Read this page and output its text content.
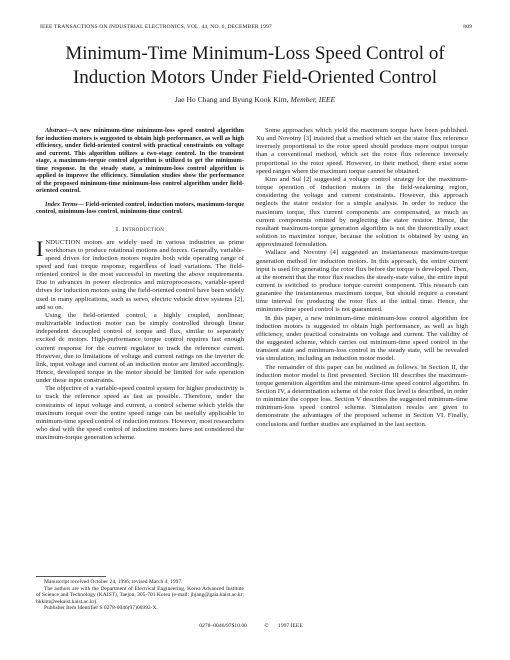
IEEE TRANSACTIONS ON INDUSTRIAL ELECTRONICS, VOL. 44, NO. 6, DECEMBER 1997	809
Minimum-Time Minimum-Loss Speed Control of Induction Motors Under Field-Oriented Control
Jae Ho Chang and Byung Kook Kim, Member, IEEE

Abstract—A new minimum-time minimum-loss speed control algorithm for induction motors is suggested to obtain high performance, as well as high efficiency, under field-oriented control with practical constraints on voltage and current. This algorithm utilizes a two-stage control. In the transient stage, a maximum-torque control algorithm is utilized to get the minimum-time response. In the steady state, a minimum-loss control algorithm is applied to improve the efficiency. Simulation studies show the performance of the proposed minimum-time minimum-loss control algorithm under field-oriented control.

Index Terms— Field-oriented control, induction motors, maximum-torque control, minimum-loss control, minimum-time control.

I. Introduction

INDUCTION motors are widely used in various industries as prime workhorses to produce rotational motions and forces. Generally, variable-speed drives for induction motors require both wide operating range of speed and fast torque response, regardless of load variations. The field-oriented control is the most successful in meeting the above requirements. Due to advances in power electronics and microprocessors, variable-speed drives for induction motors using the field-oriented control have been widely used in many applications, such as servo, electric vehicle drive systems [2], and so on.

Using the field-oriented control, a highly coupled, nonlinear, multivariable induction motor can be simply controlled through linear independent decoupled control of torque and flux, similar to separately excited dc motors. High-performance torque control requires fast enough current response for the current regulator to track the reference current. However, due to limitations of voltage and current ratings on the inverter dc link, input voltage and current of an induction motor are limited accordingly. Hence, developed torque in the motor should be limited for safe operation under these input constraints.

The objective of a variable-speed control system for higher productivity is to track the reference speed as fast as possible. Therefore, under the constraints of input voltage and current, a control scheme which yields the maximum torque over the entire speed range can be usefully applicable to minimum-time speed control of induction motors. However, most researchers who deal with the speed control of induction motors have not considered the maximum-torque generation scheme.

Some approaches which yield the maximum torque have been published. Xu and Novotny [3] insisted that a method which set the stator flux reference inversely proportional to the rotor speed should produce more output torque than a conventional method, which set the rotor flux reference inversely proportional to the rotor speed. However, in their method, there exist some speed ranges where the maximum torque cannot be obtained.

Kim and Sul [2] suggested a voltage control strategy for the maximum-torque operation of induction motors in the field-weakening region, considering the voltage and current constraints. However, this approach neglects the stator resistor for a simple analysis. In order to reduce the maximum torque, flux current components are compensated, as much as current components omitted by neglecting the stator resistor. Hence, the resultant maximum-torque generation algorithm is not the theoretically exact solution to maximize torque, because the solution is obtained by using an approximated formulation.

Wallace and Novotny [4] suggested an instantaneous maximum-torque generation method for induction motors. In this approach, the entire current input is used for generating the rotor flux before the torque is developed. Then, at the moment that the rotor flux reaches the steady-state value, the entire input current is switched to produce torque current component. This research can guarantee the instantaneous maximum torque, but should require a constant time interval for producing the rotor flux at the initial time. Hence, the minimum-time speed control is not guaranteed.

In this paper, a new minimum-time minimum-loss control algorithm for induction motors is suggested to obtain high performance, as well as high efficiency, under practical constraints on voltage and current. The validity of the suggested scheme, which carries out minimum-time speed control in the transient state and minimum-loss control in the steady state, will be revealed via simulation, including an induction motor model.

The remainder of this paper can be outlined as follows. In Section II, the induction motor model is first presented. Section III describes the maximum-torque generation algorithm and the minimum-time speed control algorithm. In Section IV, a determination scheme of the rotor flux level is described, in order to minimize the copper loss. Section V describes the suggested minimum-time minimum-loss speed control scheme. Simulation results are given to demonstrate the advantages of the proposed scheme in Section VI. Finally, conclusions and further studies are explained in the last section.

Manuscript received October 24, 1996; revised March 4, 1997.

The authors are with the Department of Electrical Engineering, Korea Advanced Institute of Science and Technology (KAIST), Taejon, 305-701 Korea (e-mail: jhjang@gaia.kaist.ac.kr; bkkim@eekaist.kaist.ac.kr).

Publisher Item Identifier S 0278-0046(97)06992-X.

0278–0046/97$10.00	© 1997 IEEE
